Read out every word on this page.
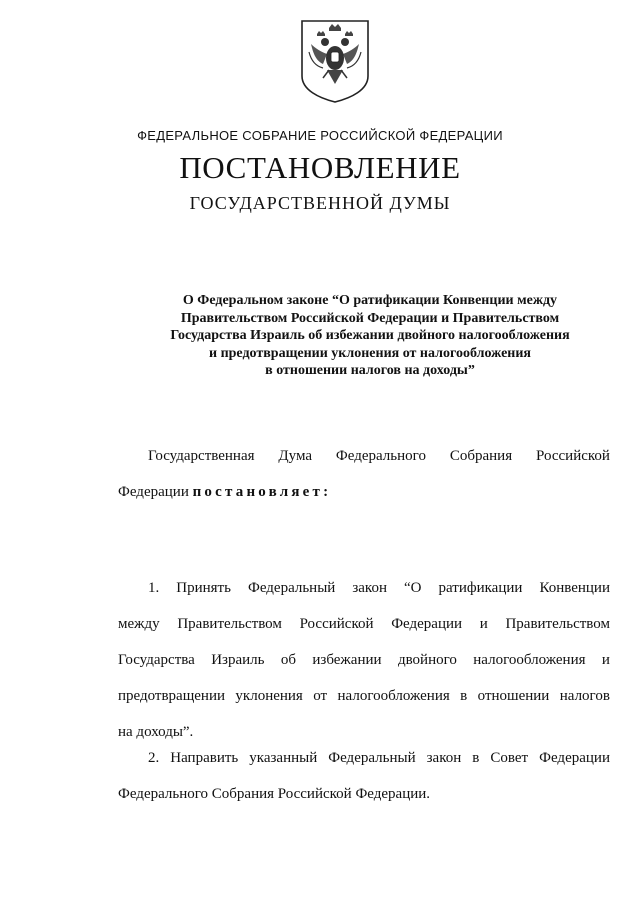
ФЕДЕРАЛЬНОЕ СОБРАНИЕ РОССИЙСКОЙ ФЕДЕРАЦИИ
ПОСТАНОВЛЕНИЕ
ГОСУДАРСТВЕННОЙ ДУМЫ
О Федеральном законе “О ратификации Конвенции между
Правительством Российской Федерации и Правительством
Государства Израиль об избежании двойного налогообложения
и предотвращении уклонения от налогообложения
в отношении налогов на доходы”
Государственная Дума Федерального Собрания Российской
Федерации постановляет:
1. Принять Федеральный закон “О ратификации Конвенции
между Правительством Российской Федерации и Правительством
Государства Израиль об избежании двойного налогообложения и
предотвращении уклонения от налогообложения в отношении налогов
на доходы”.
2. Направить указанный Федеральный закон в Совет Федерации
Федерального Собрания Российской Федерации.
